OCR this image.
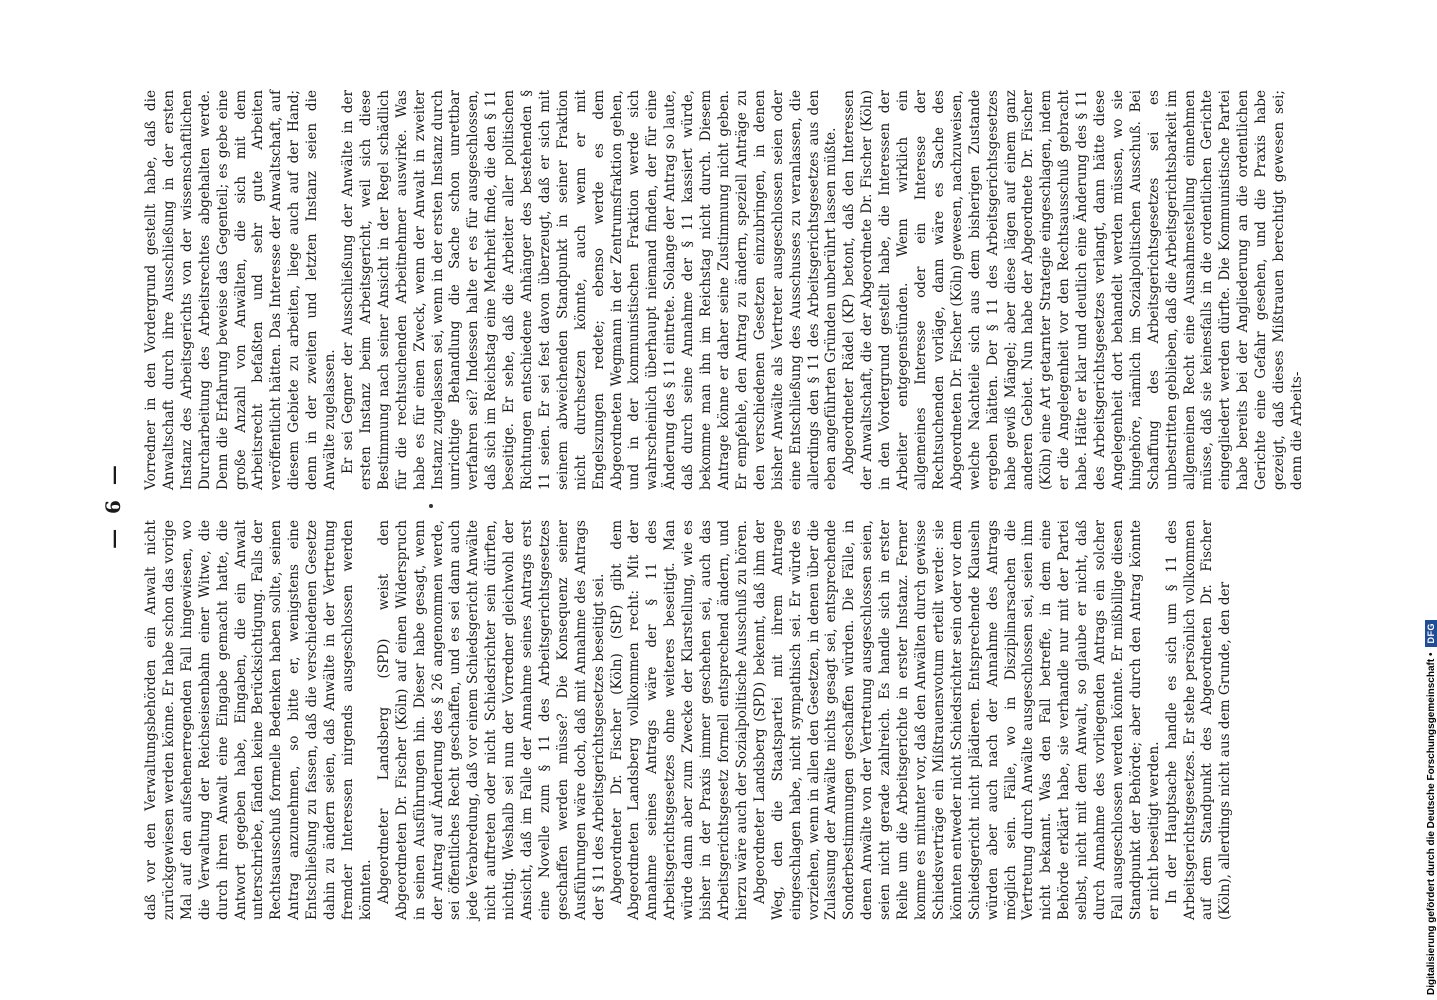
— 6 —

daß vor den Verwaltungsbehörden ein Anwalt nicht zurückgewiesen werden könne. Er habe schon das vorige Mal auf den aufsehenerregenden Fall hingewiesen, wo die Verwaltung der Reichseisenbahn einer Witwe, die durch ihren Anwalt eine Eingabe gemacht hatte, die Antwort gegeben habe, Eingaben, die ein Anwalt unterschriebe, fänden keine Berücksichtigung. Falls der Rechtsausschuß formelle Bedenken haben sollte, seinen Antrag anzunehmen, so bitte er, wenigstens eine Entschließung zu fassen, daß die verschiedenen Gesetze dahin zu ändern seien, daß Anwälte in der Vertretung fremder Interessen nirgends ausgeschlossen werden könnten. Abgeordneter Landsberg (SPD) weist den Abgeordneten Dr. Fischer (Köln) auf einen Widerspruch in seinen Ausführungen hin. Dieser habe gesagt, wenn der Antrag auf Änderung des § 26 angenommen werde, sei öffentliches Recht geschaffen, und es sei dann auch jede Verabredung, daß vor einem Schiedsgericht Anwälte nicht auftreten oder nicht Schiedsrichter sein dürften, nichtig. Weshalb sei nun der Vorredner gleichwohl der Ansicht, daß im Falle der Annahme seines Antrags erst eine Novelle zum § 11 des Arbeitsgerichtsgesetzes geschaffen werden müsse? Die Konsequenz seiner Ausführungen wäre doch, daß mit Annahme des Antrags der § 11 des Arbeitsgerichtsgesetzes beseitigt sei. Abgeordneter Dr. Fischer (Köln) (StP) gibt dem Abgeordneten Landsberg vollkommen recht: Mit der Annahme seines Antrags wäre der § 11 des Arbeitsgerichtsgesetzes ohne weiteres beseitigt. Man würde dann aber zum Zwecke der Klarstellung, wie es bisher in der Praxis immer geschehen sei, auch das Arbeitsgerichtsgesetz formell entsprechend ändern, und hierzu wäre auch der Sozialpolitische Ausschuß zu hören. Abgeordneter Landsberg (SPD) bekennt, daß ihm der Weg, den die Staatspartei mit ihrem Antrage eingeschlagen habe, nicht sympathisch sei. Er würde es vorziehen, wenn in allen den Gesetzen, in denen über die Zulassung der Anwälte nichts gesagt sei, entsprechende Sonderbestimmungen geschaffen würden. Die Fälle, in denen Anwälte von der Vertretung ausgeschlossen seien, seien nicht gerade zahlreich. Es handle sich in erster Reihe um die Arbeitsgerichte in erster Instanz. Ferner komme es mitunter vor, daß den Anwälten durch gewisse Schiedsverträge ein Mißtrauensvotum erteilt werde: sie könnten entweder nicht Schiedsrichter sein oder vor dem Schiedsgericht nicht plädieren. Entsprechende Klauseln würden aber auch nach der Annahme des Antrags möglich sein. Fälle, wo in Disziplinarsachen die Vertretung durch Anwälte ausgeschlossen sei, seien ihm nicht bekannt. Was den Fall betreffe, in dem eine Behörde erklärt habe, sie verhandle nur mit der Partei selbst, nicht mit dem Anwalt, so glaube er nicht, daß durch Annahme des vorliegenden Antrags ein solcher Fall ausgeschlossen werden könnte. Er mißbillige diesen Standpunkt der Behörde; aber durch den Antrag könnte er nicht beseitigt werden. In der Hauptsache handle es sich um § 11 des Arbeitsgerichtsgesetzes. Er stehe persönlich vollkommen auf dem Standpunkt des Abgeordneten Dr. Fischer (Köln), allerdings nicht aus dem Grunde, den der

Vorredner in den Vordergrund gestellt habe, daß die Anwaltschaft durch ihre Ausschließung in der ersten Instanz des Arbeitsgerichts von der wissenschaftlichen Durcharbeitung des Arbeitsrechtes abgehalten werde. Denn die Erfahrung beweise das Gegenteil; es gebe eine große Anzahl von Anwälten, die sich mit dem Arbeitsrecht befaßten und sehr gute Arbeiten veröffentlicht hätten. Das Interesse der Anwaltschaft, auf diesem Gebiete zu arbeiten, liege auch auf der Hand; denn in der zweiten und letzten Instanz seien die Anwälte zugelassen. Er sei Gegner der Ausschließung der Anwälte in der ersten Instanz beim Arbeitsgericht, weil sich diese Bestimmung nach seiner Ansicht in der Regel schädlich für die rechtsuchenden Arbeitnehmer auswirke. Was habe es für einen Zweck, wenn der Anwalt in zweiter Instanz zugelassen sei, wenn in der ersten Instanz durch unrichtige Behandlung die Sache schon unrettbar verfahren sei? Indessen halte er es für ausgeschlossen, daß sich im Reichstag eine Mehrheit finde, die den § 11 beseitige. Er sehe, daß die Arbeiter aller politischen Richtungen entschiedene Anhänger des bestehenden § 11 seien. Er sei fest davon überzeugt, daß er sich mit seinem abweichenden Standpunkt in seiner Fraktion nicht durchsetzen könnte, auch wenn er mit Engelszungen redete; ebenso werde es dem Abgeordneten Wegmann in der Zentrumsfraktion gehen, und in der kommunistischen Fraktion werde sich wahrscheinlich überhaupt niemand finden, der für eine Änderung des § 11 eintrete. Solange der Antrag so laute, daß durch seine Annahme der § 11 kassiert würde, bekomme man ihn im Reichstag nicht durch. Diesem Antrage könne er daher seine Zustimmung nicht geben. Er empfehle, den Antrag zu ändern, speziell Anträge zu den verschiedenen Gesetzen einzubringen, in denen bisher Anwälte als Vertreter ausgeschlossen seien oder eine Entschließung des Ausschusses zu veranlassen, die allerdings den § 11 des Arbeitsgerichtsgesetzes aus den eben angeführten Gründen unberührt lassen müßte. Abgeordneter Rädel (KP) betont, daß den Interessen der Anwaltschaft, die der Abgeordnete Dr. Fischer (Köln) in den Vordergrund gestellt habe, die Interessen der Arbeiter entgegenstünden. Wenn wirklich ein allgemeines Interesse oder ein Interesse der Rechtsuchenden vorläge, dann wäre es Sache des Abgeordneten Dr. Fischer (Köln) gewesen, nachzuweisen, welche Nachteile sich aus dem bisherigen Zustande ergeben hätten. Der § 11 des Arbeitsgerichtsgesetzes habe gewiß Mängel; aber diese lägen auf einem ganz anderen Gebiet. Nun habe der Abgeordnete Dr. Fischer (Köln) eine Art getarnter Strategie eingeschlagen, indem er die Angelegenheit vor den Rechtsausschuß gebracht habe. Hätte er klar und deutlich eine Änderung des § 11 des Arbeitsgerichtsgesetzes verlangt, dann hätte diese Angelegenheit dort behandelt werden müssen, wo sie hingehöre, nämlich im Sozialpolitischen Ausschuß. Bei Schaffung des Arbeitsgerichtsgesetzes sei es unbestritten geblieben, daß die Arbeitsgerichtsbarkeit im allgemeinen Recht eine Ausnahmestellung einnehmen müsse, daß sie keinesfalls in die ordentlichen Gerichte eingegliedert werden dürfte. Die Kommunistische Partei habe bereits bei der Angliederung an die ordentlichen Gerichte eine Gefahr gesehen, und die Praxis habe gezeigt, daß dieses Mißtrauen berechtigt gewesen sei; denn die Arbeits-

Digitalisierung gefördert durch die Deutsche Forschungsgemeinschaft •
DFG
